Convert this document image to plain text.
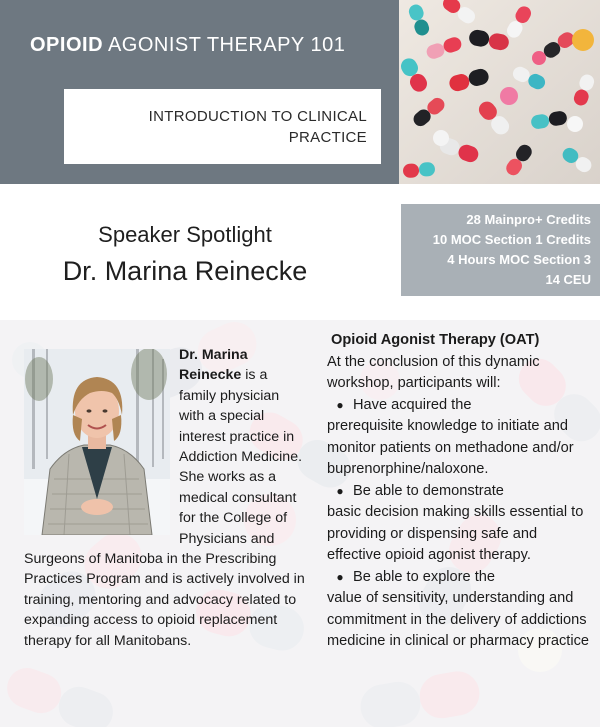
OPIOID AGONIST THERAPY 101
INTRODUCTION TO CLINICAL PRACTICE
Speaker Spotlight
Dr. Marina Reinecke
28 Mainpro+ Credits
10 MOC Section 1 Credits
4 Hours MOC Section 3
14 CEU
Dr. Marina Reinecke is a family physician with a special interest practice in Addiction Medicine. She works as a medical consultant for the College of Physicians and Surgeons of Manitoba in the Prescribing Practices Program and is actively involved in training, mentoring and advocacy related to expanding access to opioid replacement therapy for all Manitobans.
Opioid Agonist Therapy (OAT)
At the conclusion of this dynamic workshop, participants will:
● Have acquired the
prerequisite knowledge to initiate and monitor patients on methadone and/or buprenorphine/naloxone.
● Be able to demonstrate
basic decision making skills essential to providing or dispensing safe and effective opioid agonist therapy.
● Be able to explore the
value of sensitivity, understanding and commitment in the delivery of addictions medicine in clinical or pharmacy practice
